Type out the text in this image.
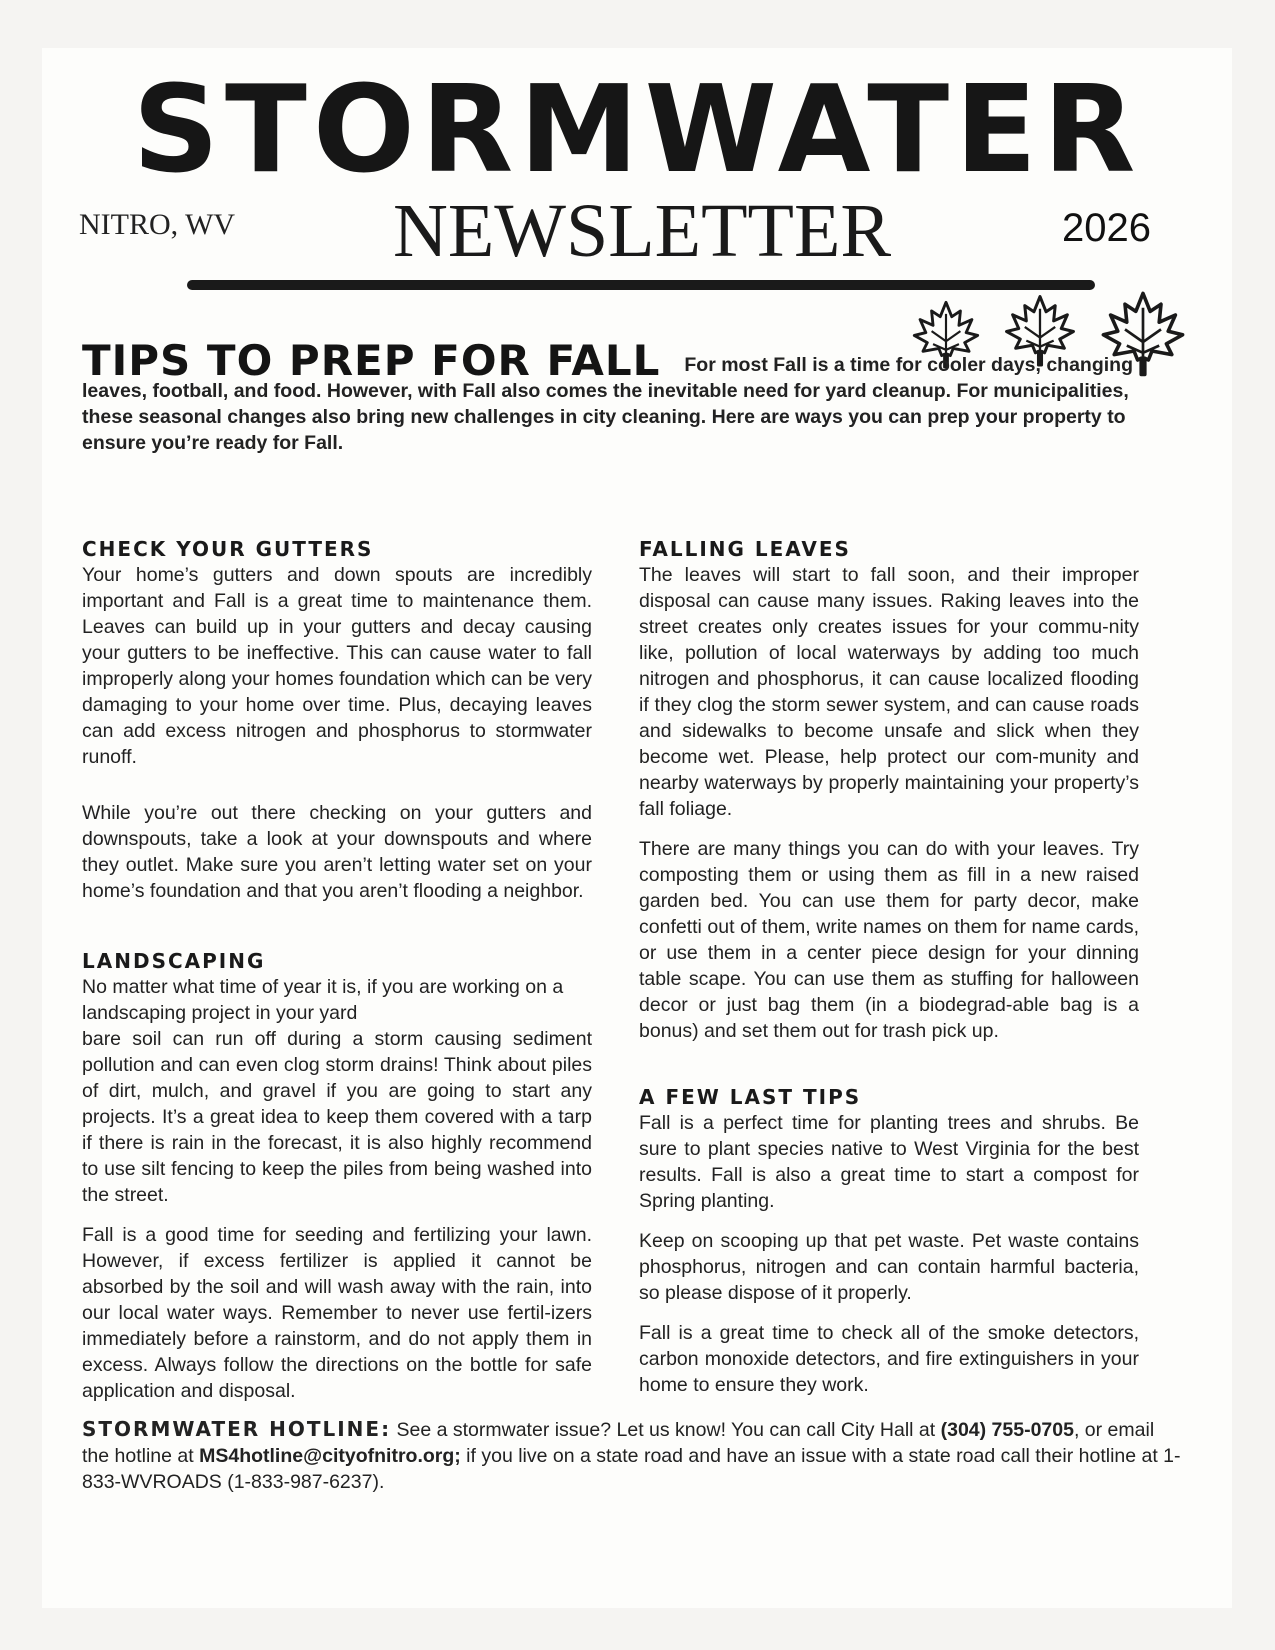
STORMWATER
NITRO, WV	NEWSLETTER	2026
TIPS TO PREP FOR FALL For most Fall is a time for cooler days, changing leaves, football, and food. However, with Fall also comes the inevitable need for yard cleanup. For municipalities, these seasonal changes also bring new challenges in city cleaning. Here are ways you can prep your property to ensure you’re ready for Fall.
CHECK YOUR GUTTERS

Your home’s gutters and down spouts are incredibly important and Fall is a great time to maintenance them. Leaves can build up in your gutters and decay causing your gutters to be ineffective. This can cause water to fall improperly along your homes foundation which can be very damaging to your home over time. Plus, decaying leaves can add excess nitrogen and phosphorus to stormwater runoff.

While you’re out there checking on your gutters and downspouts, take a look at your downspouts and where they outlet. Make sure you aren’t letting water set on your home’s foundation and that you aren’t flooding a neighbor.

LANDSCAPING

No matter what time of year it is, if you are working on a landscaping project in your yard

bare soil can run off during a storm causing sediment pollution and can even clog storm drains! Think about piles of dirt, mulch, and gravel if you are going to start any projects. It’s a great idea to keep them covered with a tarp if there is rain in the forecast, it is also highly recommend to use silt fencing to keep the piles from being washed into the street.

Fall is a good time for seeding and fertilizing your lawn. However, if excess fertilizer is applied it cannot be absorbed by the soil and will wash away with the rain, into our local water ways. Remember to never use fertil-izers immediately before a rainstorm, and do not apply them in excess. Always follow the directions on the bottle for safe application and disposal.

FALLING LEAVES

The leaves will start to fall soon, and their improper disposal can cause many issues. Raking leaves into the street creates only creates issues for your commu-nity like, pollution of local waterways by adding too much nitrogen and phosphorus, it can cause localized flooding if they clog the storm sewer system, and can cause roads and sidewalks to become unsafe and slick when they become wet. Please, help protect our com-munity and nearby waterways by properly maintaining your property’s fall foliage.

There are many things you can do with your leaves. Try composting them or using them as fill in a new raised garden bed. You can use them for party decor, make confetti out of them, write names on them for name cards, or use them in a center piece design for your dinning table scape. You can use them as stuffing for halloween decor or just bag them (in a biodegrad-able bag is a bonus) and set them out for trash pick up.

A FEW LAST TIPS

Fall is a perfect time for planting trees and shrubs. Be sure to plant species native to West Virginia for the best results. Fall is also a great time to start a compost for Spring planting.

Keep on scooping up that pet waste. Pet waste contains phosphorus, nitrogen and can contain harmful bacteria, so please dispose of it properly.

Fall is a great time to check all of the smoke detectors, carbon monoxide detectors, and fire extinguishers in your home to ensure they work.

STORMWATER HOTLINE: See a stormwater issue? Let us know! You can call City Hall at (304) 755-0705, or email the hotline at MS4hotline@cityofnitro.org; if you live on a state road and have an issue with a state road call their hotline at 1-833-WVROADS (1-833-987-6237).
